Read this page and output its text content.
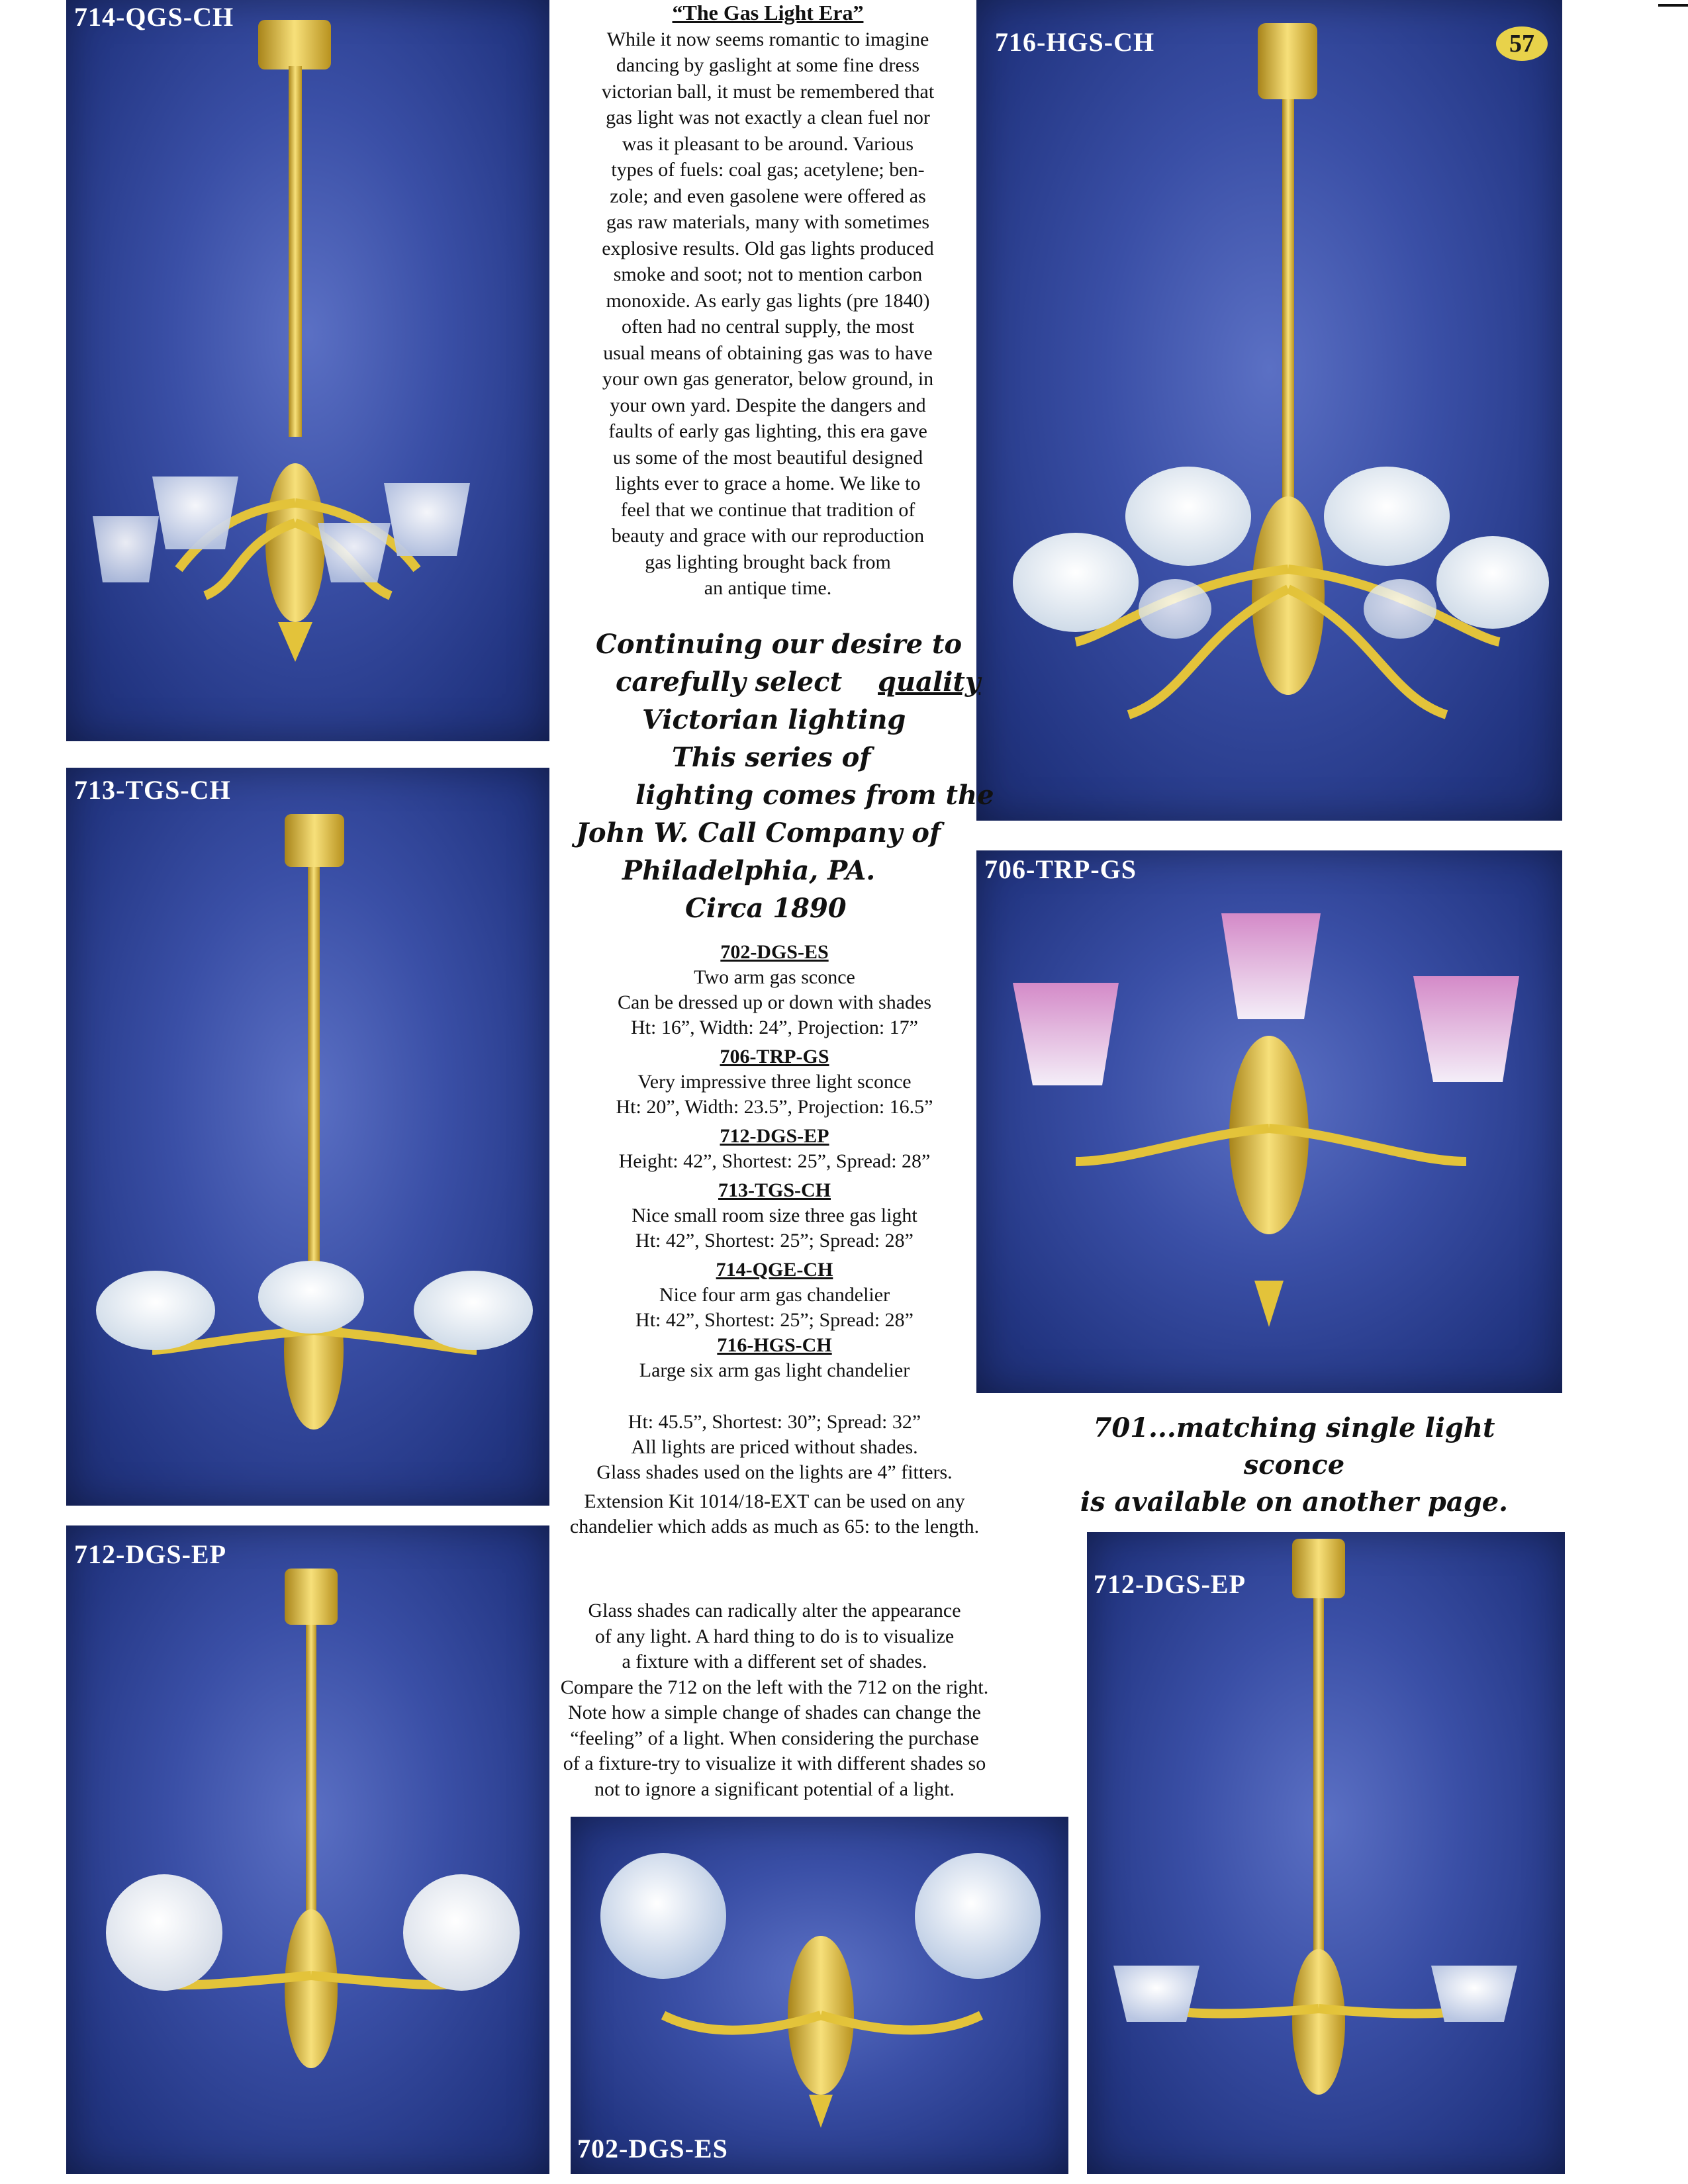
714-QGS-CH
716-HGS-CH	57
713-TGS-CH
706-TRP-GS
712-DGS-EP
702-DGS-ES
712-DGS-EP
“The Gas Light Era”
While it now seems romantic to imagine
dancing by gaslight at some fine dress
victorian ball, it must be remembered that
gas light was not exactly a clean fuel nor
was it pleasant to be around. Various
types of fuels: coal gas; acetylene; ben-
zole; and even gasolene were offered as
gas raw materials, many with sometimes
explosive results. Old gas lights produced
smoke and soot; not to mention carbon
monoxide. As early gas lights (pre 1840)
often had no central supply, the most
usual means of obtaining gas was to have
your own gas generator, below ground, in
your own yard. Despite the dangers and
faults of early gas lighting, this era gave
us some of the most beautiful designed
lights ever to grace a home. We like to
feel that we continue that tradition of
beauty and grace with our reproduction
gas lighting brought back from
an antique time.
Continuing our desire to
carefully select quality
Victorian lighting
This series of
lighting comes from the
John W. Call Company of
Philadelphia, PA.
Circa 1890
702-DGS-ES
Two arm gas sconce
Can be dressed up or down with shades
Ht: 16”, Width: 24”, Projection: 17”
706-TRP-GS
Very impressive three light sconce
Ht: 20”, Width: 23.5”, Projection: 16.5”
712-DGS-EP
Height: 42”, Shortest: 25”, Spread: 28”
713-TGS-CH
Nice small room size three gas light
Ht: 42”, Shortest: 25”; Spread: 28”
714-QGE-CH
Nice four arm gas chandelier
Ht: 42”, Shortest: 25”; Spread: 28”
716-HGS-CH
Large six arm gas light chandelier
Ht: 45.5”, Shortest: 30”; Spread: 32”
All lights are priced without shades.
Glass shades used on the lights are 4” fitters.
Extension Kit 1014/18-EXT can be used on any
chandelier which adds as much as 65: to the length.
Glass shades can radically alter the appearance
of any light. A hard thing to do is to visualize
a fixture with a different set of shades.
Compare the 712 on the left with the 712 on the right.
Note how a simple change of shades can change the
“feeling” of a light. When considering the purchase
of a fixture-try to visualize it with different shades so
not to ignore a significant potential of a light.
701...matching single light sconce
is available on another page.
